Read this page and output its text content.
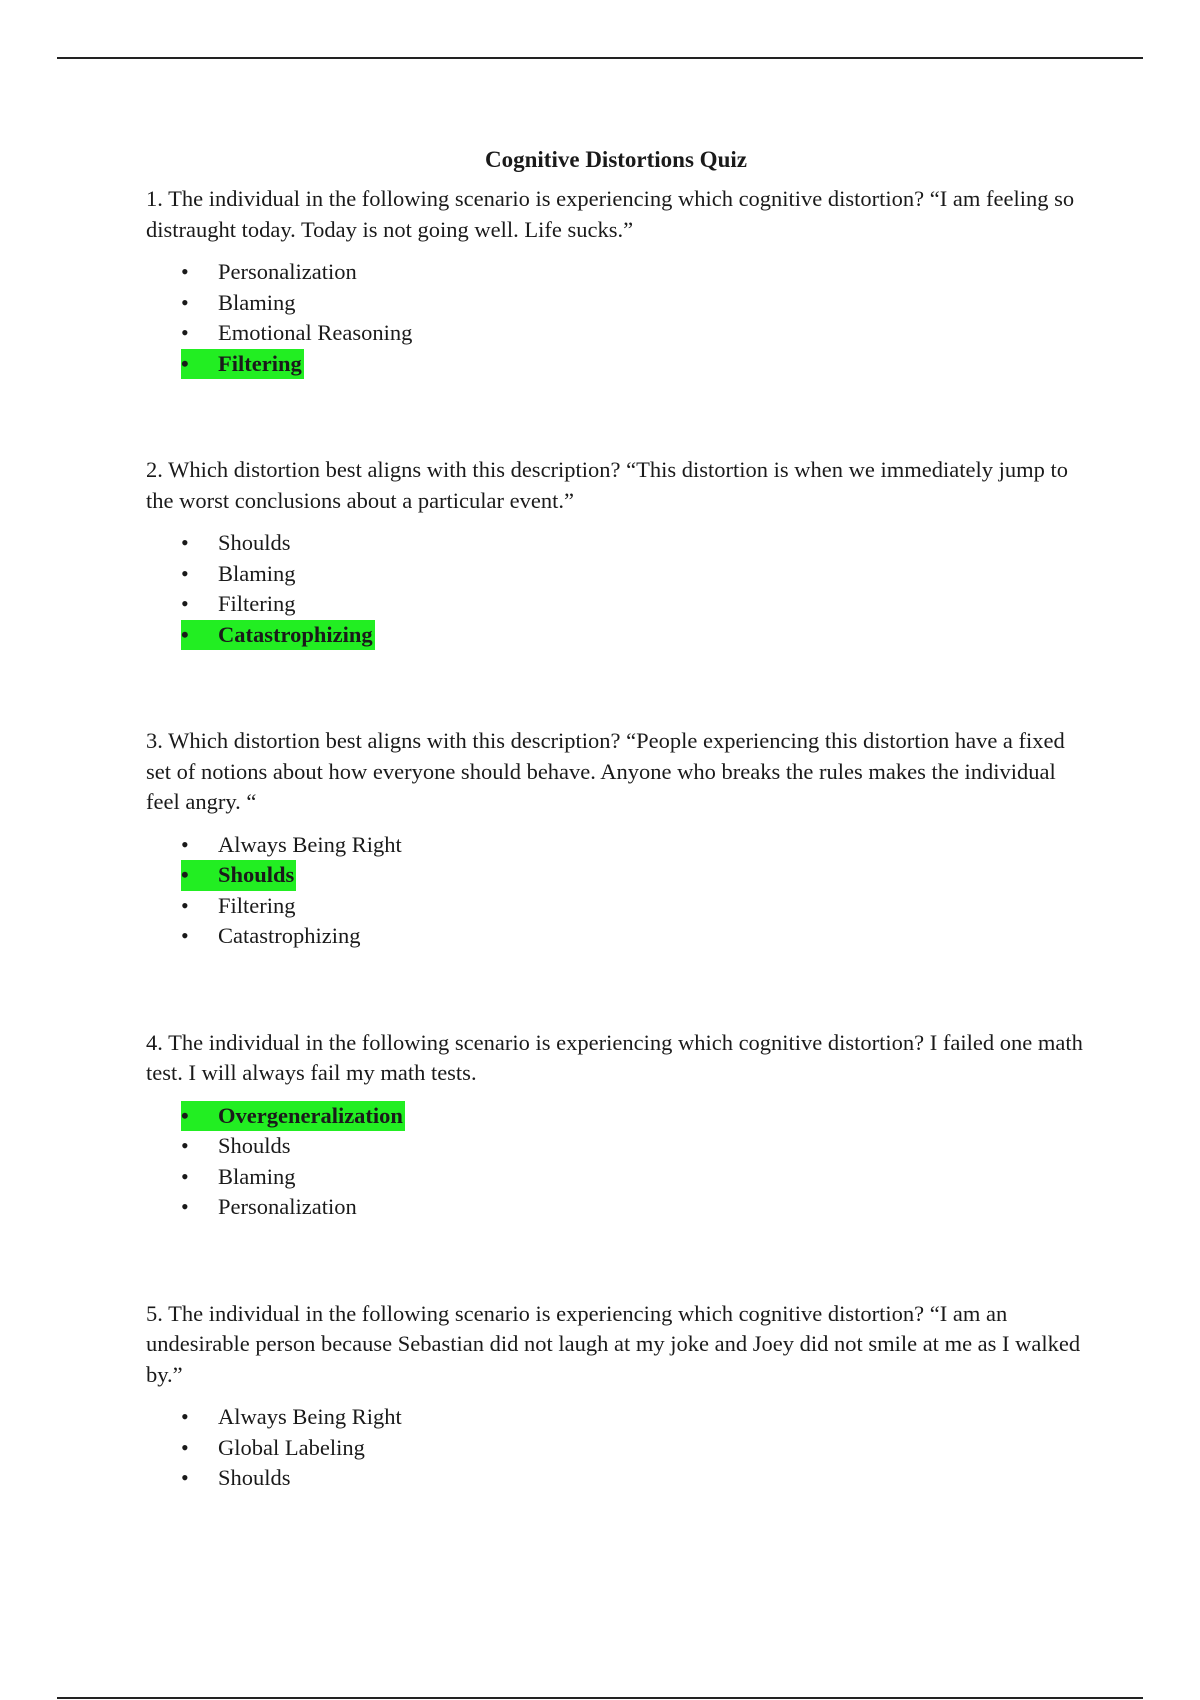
Cognitive Distortions Quiz

1. The individual in the following scenario is experiencing which cognitive distortion? “I am feeling so distraught today. Today is not going well. Life sucks.”

• Personalization
• Blaming
• Emotional Reasoning
• Filtering

2. Which distortion best aligns with this description? “This distortion is when we immediately jump to the worst conclusions about a particular event.”

• Shoulds
• Blaming
• Filtering
• Catastrophizing

3. Which distortion best aligns with this description? “People experiencing this distortion have a fixed set of notions about how everyone should behave. Anyone who breaks the rules makes the individual feel angry. “

• Always Being Right
• Shoulds
• Filtering
• Catastrophizing

4. The individual in the following scenario is experiencing which cognitive distortion? I failed one math test. I will always fail my math tests.

• Overgeneralization
• Shoulds
• Blaming
• Personalization

5. The individual in the following scenario is experiencing which cognitive distortion? “I am an undesirable person because Sebastian did not laugh at my joke and Joey did not smile at me as I walked by.”

• Always Being Right
• Global Labeling
• Shoulds
